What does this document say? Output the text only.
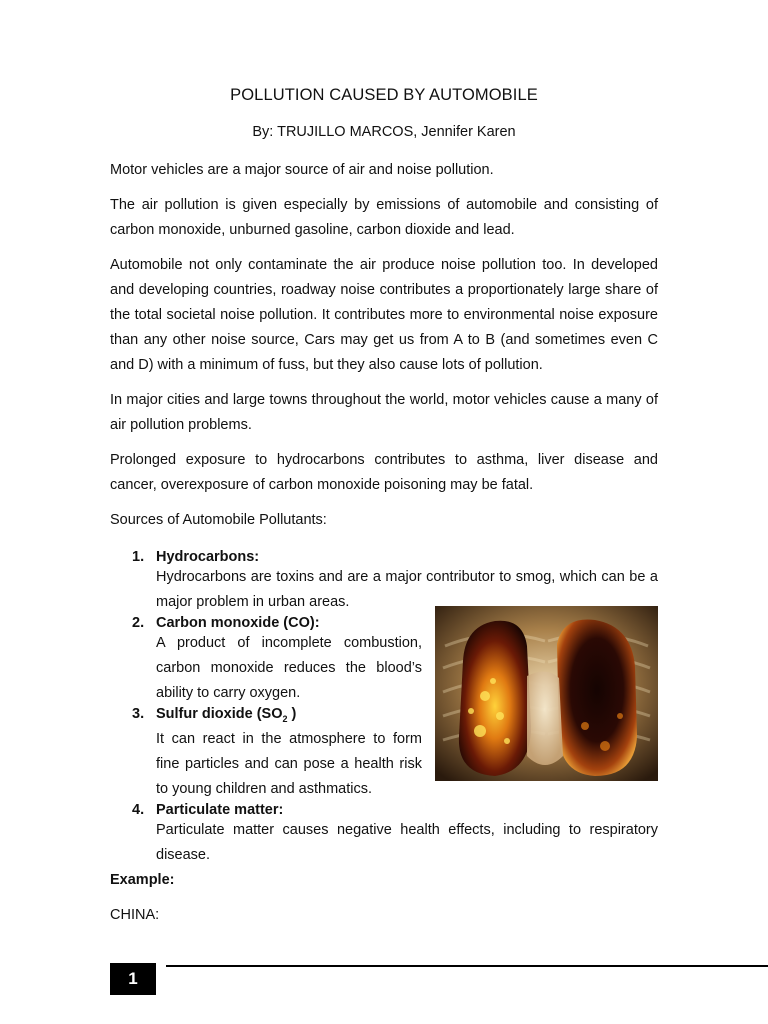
POLLUTION CAUSED BY AUTOMOBILE
By: TRUJILLO MARCOS, Jennifer Karen

Motor vehicles are a major source of air and noise pollution.

The air pollution is given especially by emissions of automobile and consisting of carbon monoxide, unburned gasoline, carbon dioxide and lead.

Automobile not only contaminate the air produce noise pollution too. In developed and developing countries, roadway noise contributes a proportionately large share of the total societal noise pollution. It contributes more to environmental noise exposure than any other noise source, Cars may get us from A to B (and sometimes even C and D) with a minimum of fuss, but they also cause lots of pollution.

In major cities and large towns throughout the world, motor vehicles cause a many of air pollution problems.

Prolonged exposure to hydrocarbons contributes to asthma, liver disease and cancer, overexposure of carbon monoxide poisoning may be fatal.

Sources of Automobile Pollutants:

1. Hydrocarbons:
Hydrocarbons are toxins and are a major contributor to smog, which can be a major problem in urban areas.
2. Carbon monoxide (CO):
A product of incomplete combustion, carbon monoxide reduces the blood’s ability to carry oxygen.
3. Sulfur dioxide ($SO_2$ )
It can react in the atmosphere to form fine particles and can pose a health risk to young children and asthmatics.
4. Particulate matter:
Particulate matter causes negative health effects, including to respiratory disease.

Example:

CHINA:

1
